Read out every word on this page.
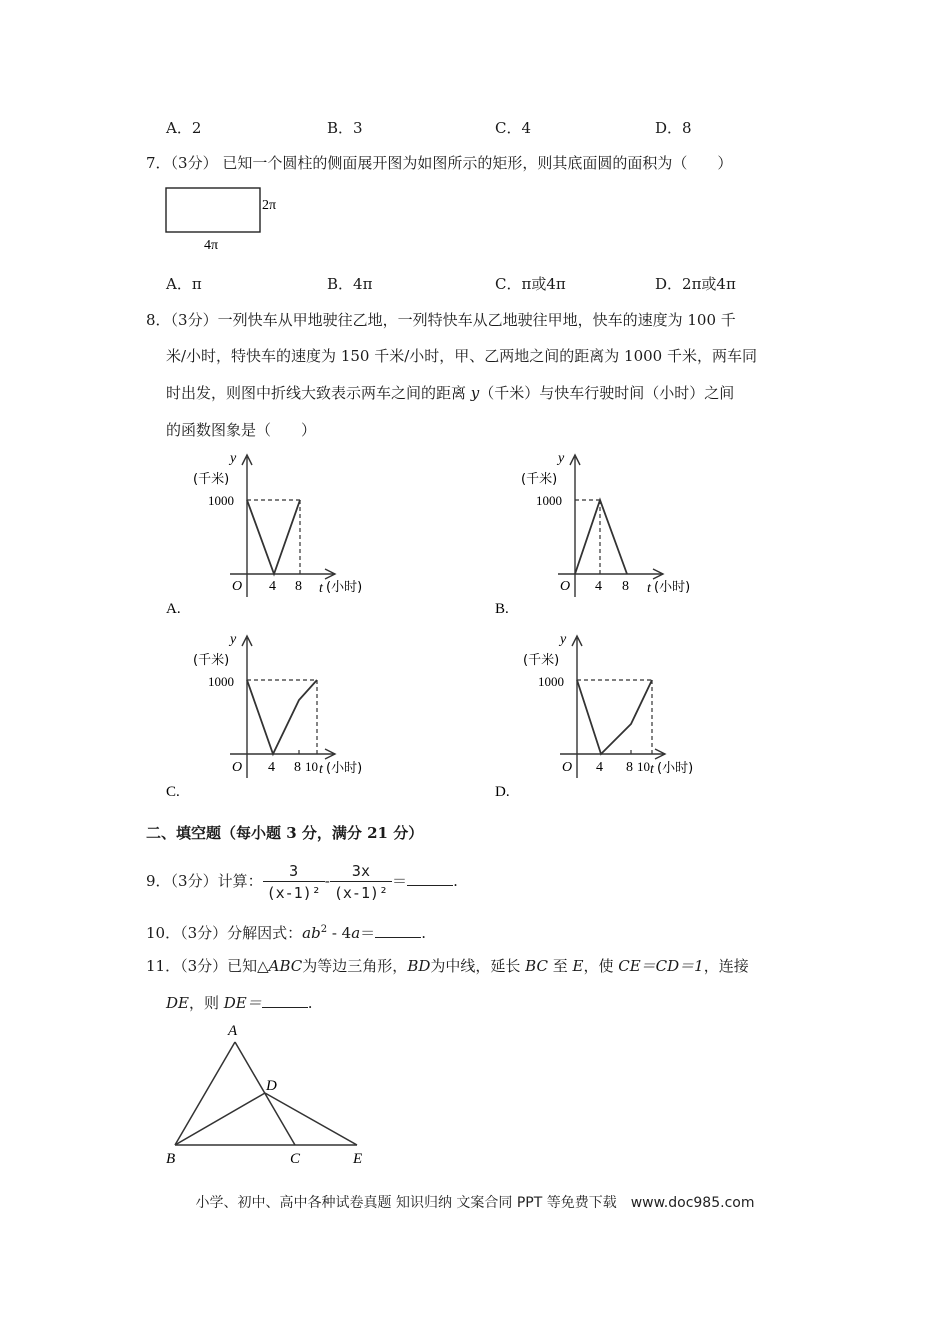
A．2	B．3	C．4	D．8
7．（3分） 已知一个圆柱的侧面展开图为如图所示的矩形，则其底面圆的面积为（　　）
2π
4π
A．π	B．4π	C．π或4π	D．2π或4π
8．（3分）一列快车从甲地驶往乙地，一列特快车从乙地驶往甲地，快车的速度为 100 千
米/小时，特快车的速度为 150 千米/小时，甲、乙两地之间的距离为 1000 千米，两车同
时出发，则图中折线大致表示两车之间的距离 y（千米）与快车行驶时间（小时）之间
的函数图象是（　　）
y
(千米)
1000
O 4 8 t (小时)
A.
y
(千米)
1000
O 4 8 t (小时)
B.
y
(千米)
1000
O 4 8 10 t (小时)
C.
y
(千米)
1000
O 4 8 10 t (小时)
D.
二、填空题（每小题 3 分，满分 21 分）
9．（3分）计算： $\frac{3}{\text{(x-1)²}} - \frac{3x}{\text{(x-1)²}}$ ＝	.
10．（3分）分解因式：$ab^2 - 4a=$	.
11．（3分）已知△ABC为等边三角形，BD为中线，延长 BC 至 E，使 CE＝CD＝1，连接
DE，则 DE＝	.
A
B	C
D
E
小学、初中、高中各种试卷真题 知识归纳 文案合同 PPT 等免费下载　www.doc985.com
